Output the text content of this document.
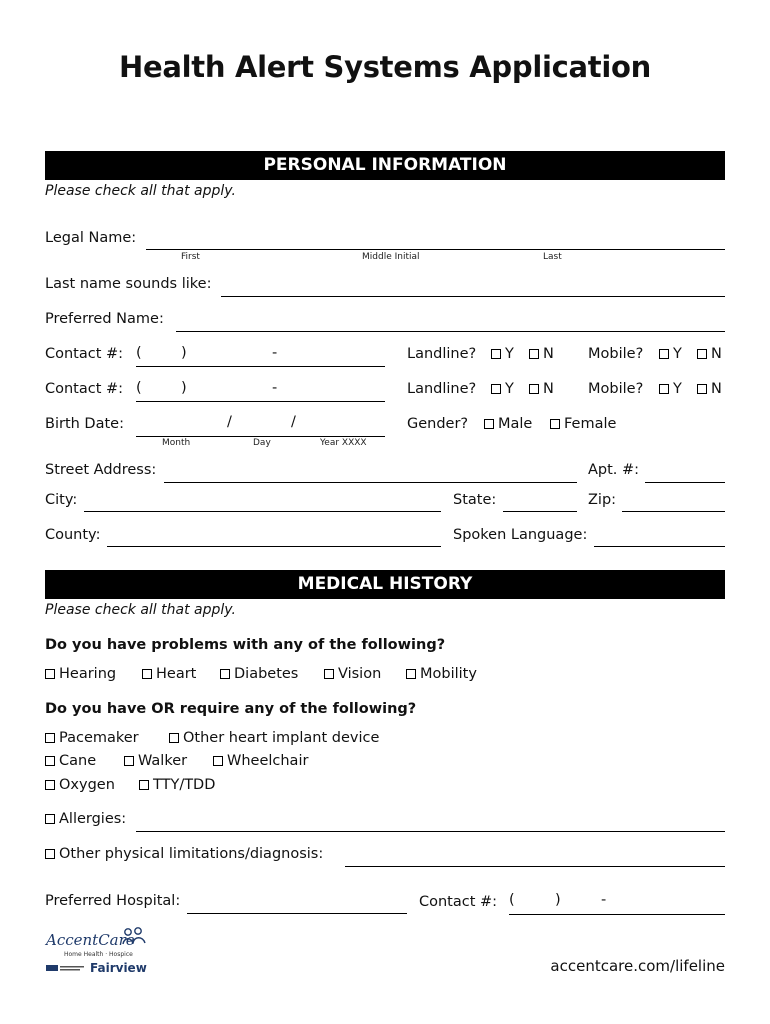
Health Alert Systems Application
PERSONAL INFORMATION
Please check all that apply.
Legal Name:
First	Middle Initial	Last
Last name sounds like:
Preferred Name:
Contact #: (	)	-	Landline?	Y	N Mobile?	Y	N
Contact #: (	)	-	Landline?	Y	N Mobile?	Y	N
Birth Date:	/	/
Month	Day	Year XXXX
Gender?	Male	Female
Street Address:	Apt. #:
City:	State:	Zip:
County:	Spoken Language:
MEDICAL HISTORY
Please check all that apply.
Do you have problems with any of the following?
Hearing	Heart	Diabetes	Vision	Mobility
Do you have OR require any of the following?
Pacemaker	Other heart implant device
Cane	Walker	Wheelchair
Oxygen	TTY/TDD
Allergies:
Other physical limitations/diagnosis:
Preferred Hospital:	Contact #: (	)	-
AccentCare
Home Health · Hospice
Fairview	accentcare.com/lifeline
